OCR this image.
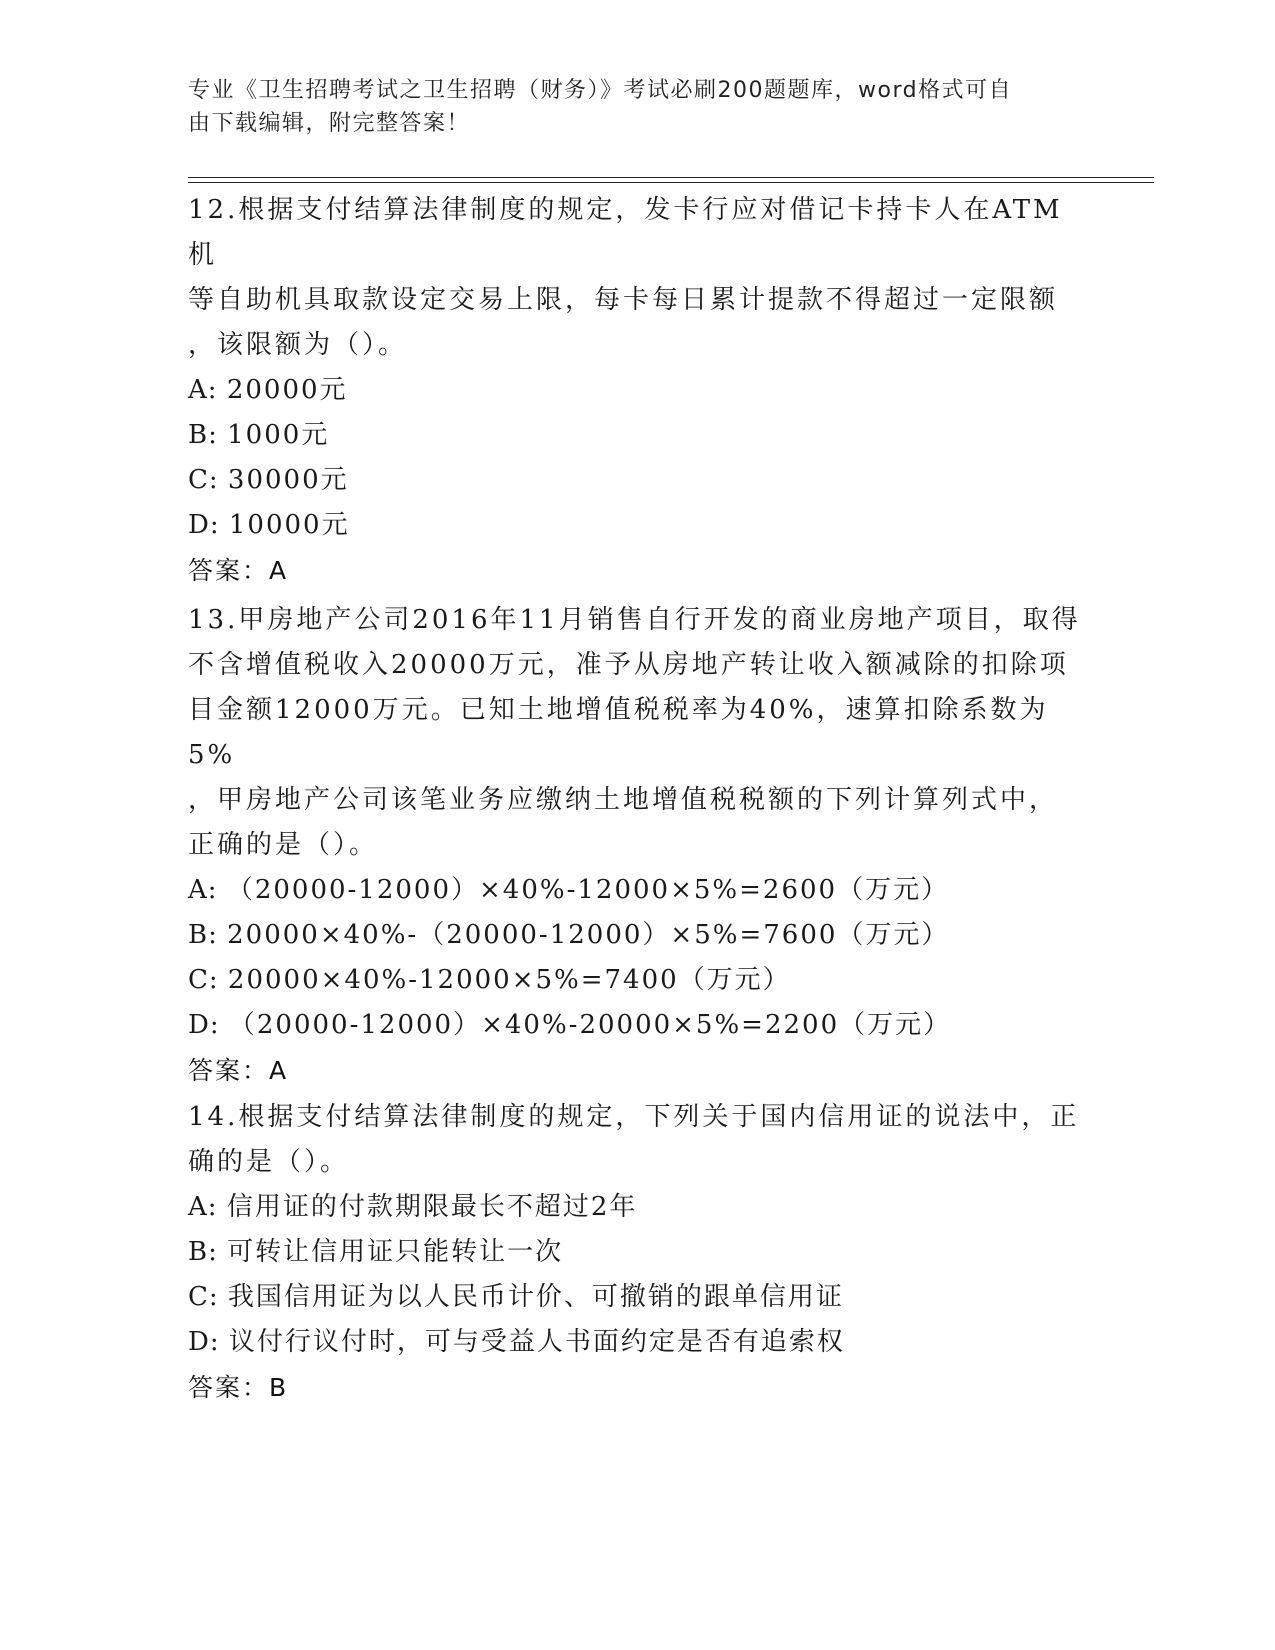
专业《卫生招聘考试之卫生招聘（财务）》考试必刷200题题库，word格式可自
由下载编辑，附完整答案！
12.根据支付结算法律制度的规定，发卡行应对借记卡持卡人在ATM机
等自助机具取款设定交易上限，每卡每日累计提款不得超过一定限额
，该限额为（）。
A: 20000元
B: 1000元
C: 30000元
D: 10000元
答案：A
13.甲房地产公司2016年11月销售自行开发的商业房地产项目，取得
不含增值税收入20000万元，准予从房地产转让收入额减除的扣除项
目金额12000万元。已知土地增值税税率为40%，速算扣除系数为5%
，甲房地产公司该笔业务应缴纳土地增值税税额的下列计算列式中，
正确的是（）。
A: （20000-12000）×40%-12000×5%=2600（万元）
B: 20000×40%-（20000-12000）×5%=7600（万元）
C: 20000×40%-12000×5%=7400（万元）
D: （20000-12000）×40%-20000×5%=2200（万元）
答案：A
14.根据支付结算法律制度的规定，下列关于国内信用证的说法中，正
确的是（）。
A: 信用证的付款期限最长不超过2年
B: 可转让信用证只能转让一次
C: 我国信用证为以人民币计价、可撤销的跟单信用证
D: 议付行议付时，可与受益人书面约定是否有追索权
答案：B
